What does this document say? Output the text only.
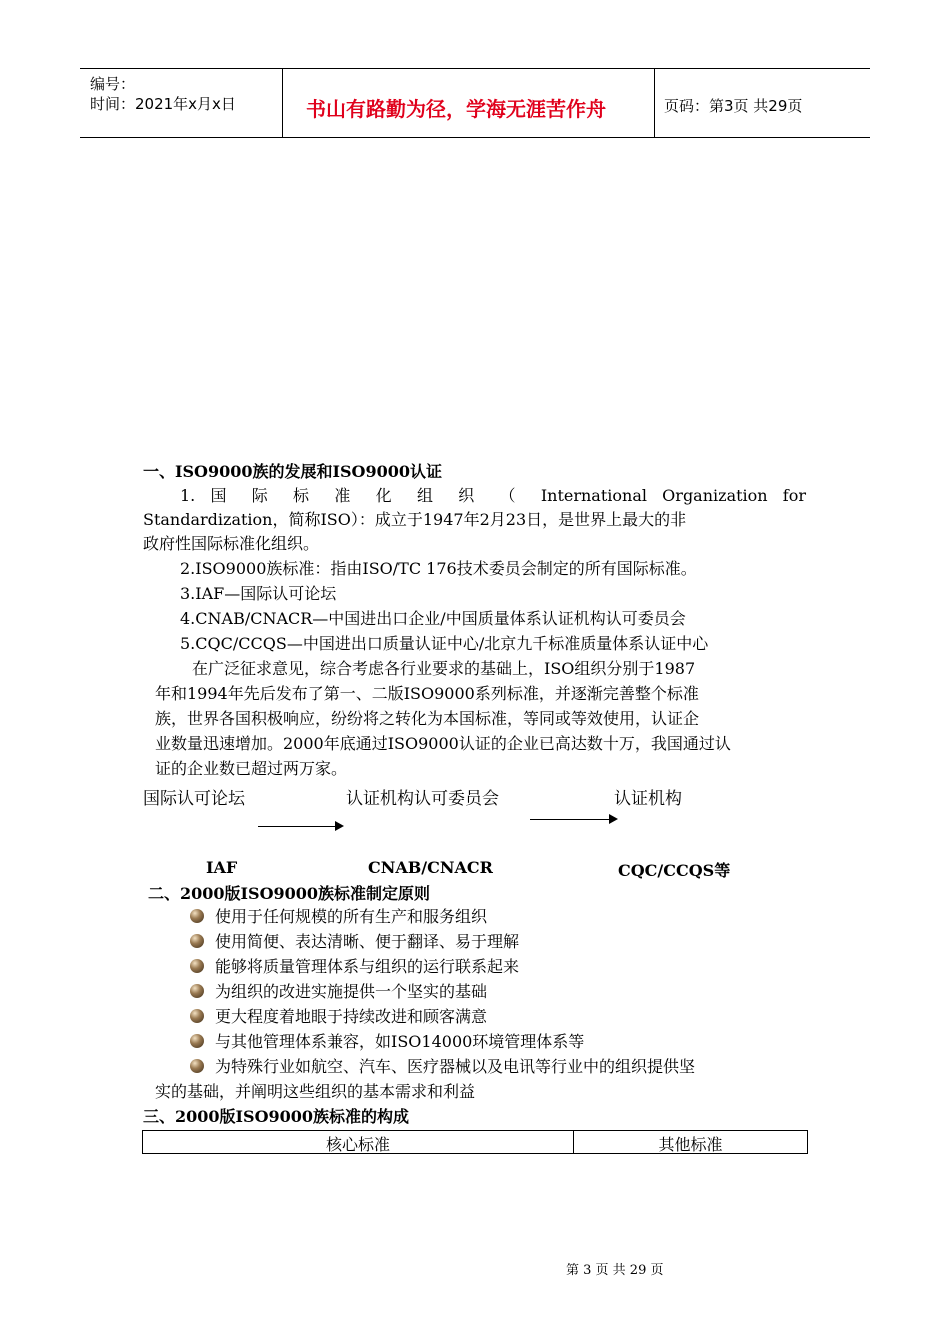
编号：
时间：2021年x月x日	书山有路勤为径，学海无涯苦作舟	页码：第3页 共29页
一、ISO9000族的发展和ISO9000认证
1. 国 际 标 准 化 组 织 （ International Organization for
Standardization，简称ISO）：成立于1947年2月23日，是世界上最大的非
政府性国际标准化组织。
2.ISO9000族标准：指由ISO/TC 176技术委员会制定的所有国际标准。
3.IAF—国际认可论坛
4.CNAB/CNACR—中国进出口企业/中国质量体系认证机构认可委员会
5.CQC/CCQS—中国进出口质量认证中心/北京九千标准质量体系认证中心
在广泛征求意见，综合考虑各行业要求的基础上，ISO组织分别于1987
年和1994年先后发布了第一、二版ISO9000系列标准，并逐渐完善整个标准
族，世界各国积极响应，纷纷将之转化为本国标准，等同或等效使用，认证企
业数量迅速增加。2000年底通过ISO9000认证的企业已高达数十万，我国通过认
证的企业数已超过两万家。
国际认可论坛	认证机构认可委员会	认证机构
IAF	CNAB/CNACR	CQC/CCQS等
二、2000版ISO9000族标准制定原则
使用于任何规模的所有生产和服务组织
使用简便、表达清晰、便于翻译、易于理解
能够将质量管理体系与组织的运行联系起来
为组织的改进实施提供一个坚实的基础
更大程度着地眼于持续改进和顾客满意
与其他管理体系兼容，如ISO14000环境管理体系等
为特殊行业如航空、汽车、医疗器械以及电讯等行业中的组织提供坚
实的基础，并阐明这些组织的基本需求和利益
三、2000版ISO9000族标准的构成
核心标准	其他标准
第 3 页 共 29 页
